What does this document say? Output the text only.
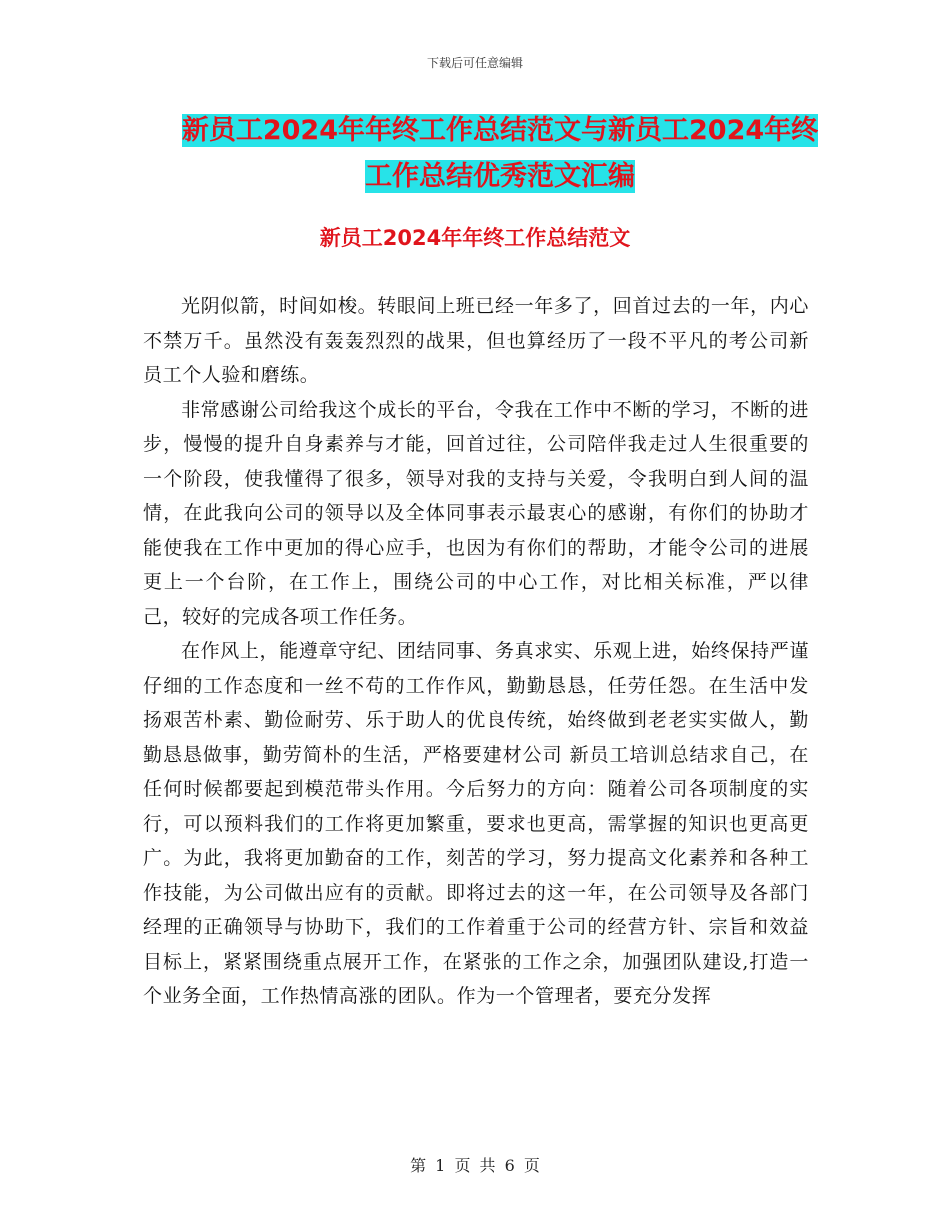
下载后可任意编辑
新员工2024年年终工作总结范文与新员工2024年终
工作总结优秀范文汇编
新员工2024年年终工作总结范文

光阴似箭，时间如梭。转眼间上班已经一年多了，回首过去的一年，内心不禁万千。虽然没有轰轰烈烈的战果，但也算经历了一段不平凡的考公司新员工个人验和磨练。

非常感谢公司给我这个成长的平台，令我在工作中不断的学习，不断的进步，慢慢的提升自身素养与才能，回首过往，公司陪伴我走过人生很重要的一个阶段，使我懂得了很多，领导对我的支持与关爱，令我明白到人间的温情，在此我向公司的领导以及全体同事表示最衷心的感谢，有你们的协助才能使我在工作中更加的得心应手，也因为有你们的帮助，才能令公司的进展更上一个台阶，在工作上，围绕公司的中心工作，对比相关标准，严以律己，较好的完成各项工作任务。

在作风上，能遵章守纪、团结同事、务真求实、乐观上进，始终保持严谨仔细的工作态度和一丝不苟的工作作风，勤勤恳恳，任劳任怨。在生活中发扬艰苦朴素、勤俭耐劳、乐于助人的优良传统，始终做到老老实实做人，勤勤恳恳做事，勤劳简朴的生活，严格要建材公司 新员工培训总结求自己，在任何时候都要起到模范带头作用。今后努力的方向：随着公司各项制度的实行，可以预料我们的工作将更加繁重，要求也更高，需掌握的知识也更高更广。为此，我将更加勤奋的工作，刻苦的学习，努力提高文化素养和各种工作技能，为公司做出应有的贡献。即将过去的这一年，在公司领导及各部门经理的正确领导与协助下，我们的工作着重于公司的经营方针、宗旨和效益目标上，紧紧围绕重点展开工作，在紧张的工作之余，加强团队建设,打造一个业务全面，工作热情高涨的团队。作为一个管理者，要充分发挥

第 1 页 共 6 页
